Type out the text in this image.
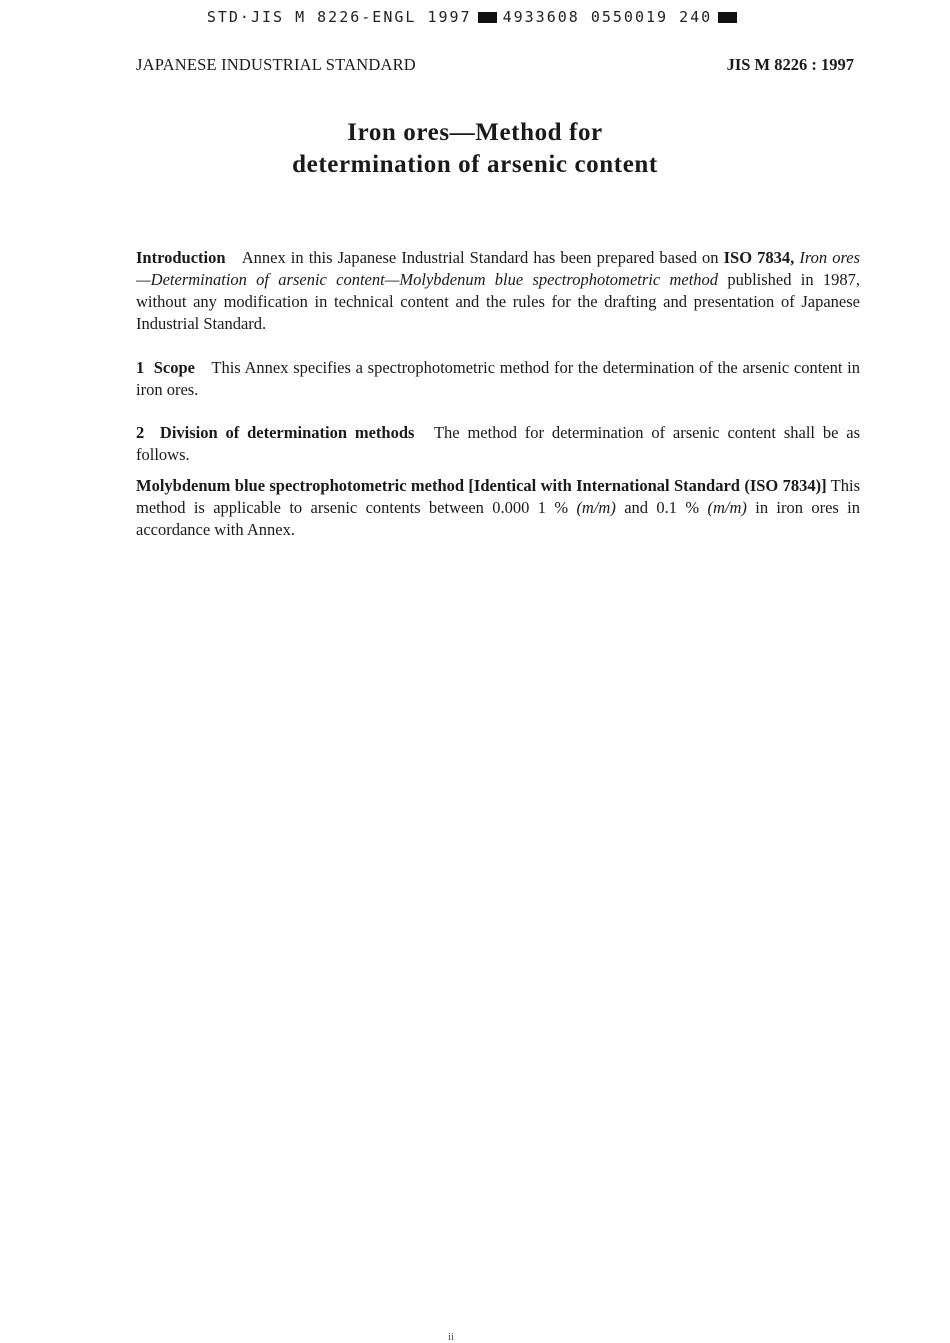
STD·JIS M 8226-ENGL 1997 4933608 0550019 240
JAPANESE INDUSTRIAL STANDARD	JIS M 8226 : 1997
Iron ores—Method for
determination of arsenic content

Introduction Annex in this Japanese Industrial Standard has been prepared based on ISO 7834, Iron ores—Determination of arsenic content—Molybdenum blue spectrophotometric method published in 1987, without any modification in technical content and the rules for the drafting and presentation of Japanese Industrial Standard.

1 Scope This Annex specifies a spectrophotometric method for the determination of the arsenic content in iron ores.

2 Division of determination methods The method for determination of arsenic content shall be as follows.

Molybdenum blue spectrophotometric method [Identical with International Standard (ISO 7834)] This method is applicable to arsenic contents between 0.000 1 % (m/m) and 0.1 % (m/m) in iron ores in accordance with Annex.

ii
